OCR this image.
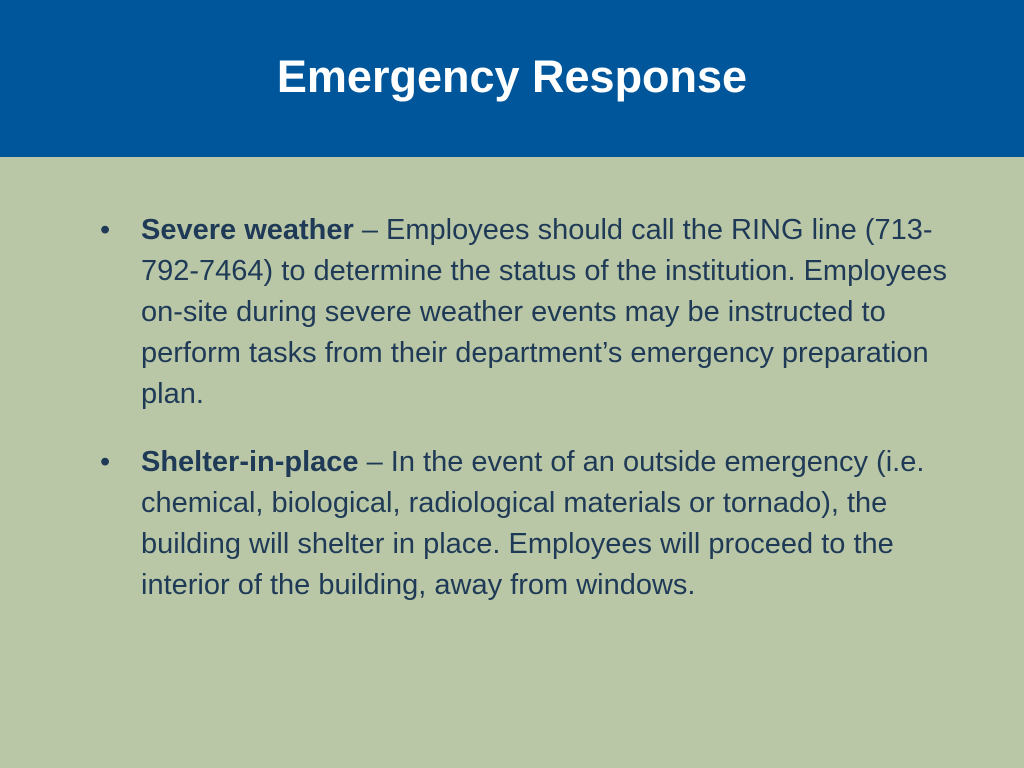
Emergency Response
•	Severe weather – Employees should call the RING line (713-792-7464) to determine the status of the institution. Employees on-site during severe weather events may be instructed to perform tasks from their department’s emergency preparation plan.
•	Shelter-in-place – In the event of an outside emergency (i.e. chemical, biological, radiological materials or tornado), the building will shelter in place. Employees will proceed to the interior of the building, away from windows.
